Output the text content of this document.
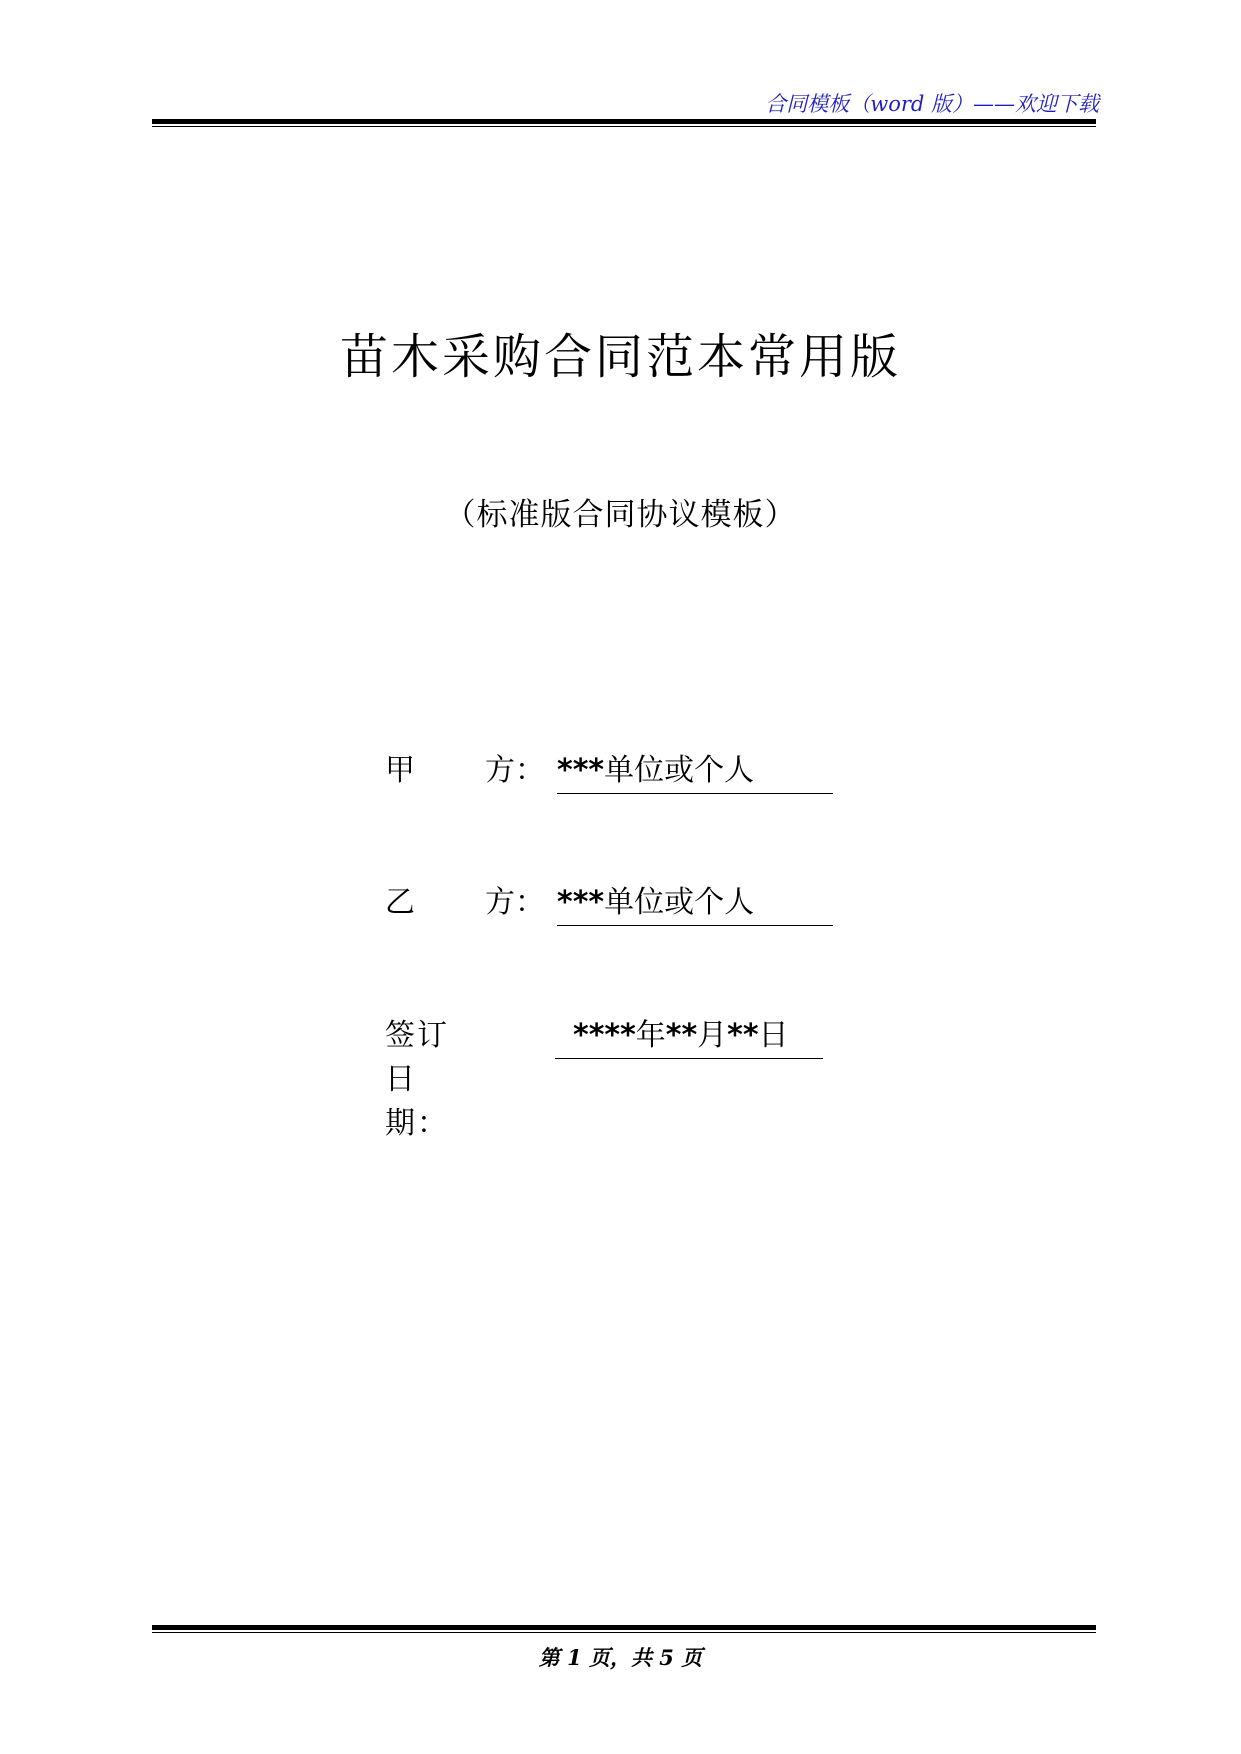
合同模板（word 版）——欢迎下载
苗木采购合同范本常用版
（标准版合同协议模板）
甲 方： ***单位或个人
乙 方： ***单位或个人
签订日期：
****年**月**日
第 1 页，共 5 页
